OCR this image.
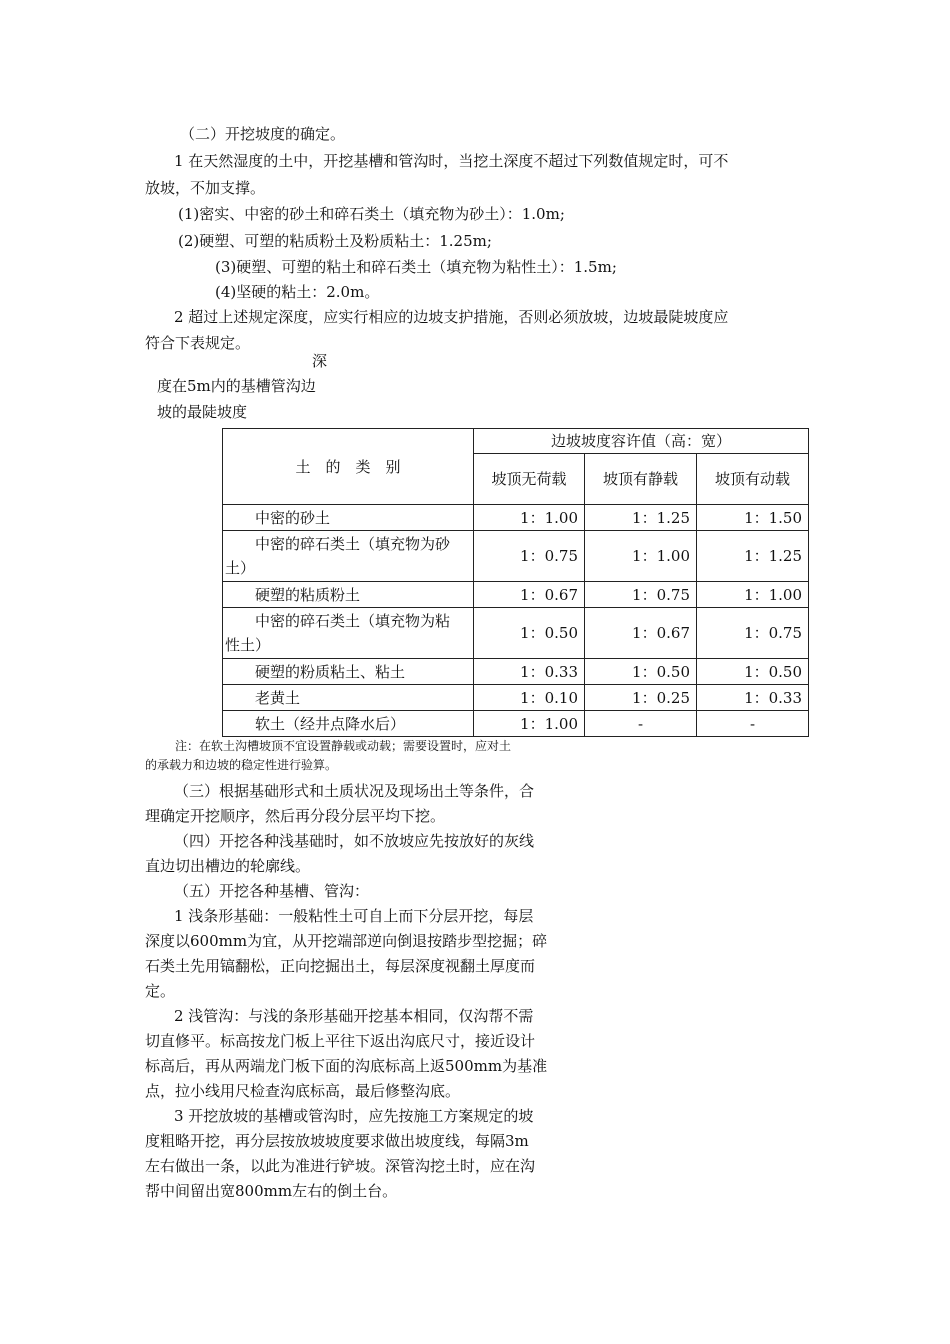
（二）开挖坡度的确定。
1 在天然湿度的土中，开挖基槽和管沟时，当挖土深度不超过下列数值规定时，可不
放坡，不加支撑。
(1)密实、中密的砂土和碎石类土（填充物为砂土）：1.0m;
(2)硬塑、可塑的粘质粉土及粉质粘土：1.25m;
(3)硬塑、可塑的粘土和碎石类土（填充物为粘性土）：1.5m;
(4)坚硬的粘土：2.0m。
2 超过上述规定深度，应实行相应的边坡支护措施，否则必须放坡，边坡最陡坡度应
符合下表规定。
深
度在5m内的基槽管沟边
坡的最陡坡度
土　的　类　别	边坡坡度容许值（高：宽）		
	坡顶无荷载	坡顶有静载	坡顶有动载
中密的砂土	1：1.00	1：1.25	1：1.50
中密的碎石类土（填充物为砂
土）	1：0.75	1：1.00	1：1.25
硬塑的粘质粉土	1：0.67	1：0.75	1：1.00
中密的碎石类土（填充物为粘
性土）	1：0.50	1：0.67	1：0.75
硬塑的粉质粘土、粘土	1：0.33	1：0.50	1：0.50
老黄土	1：0.10	1：0.25	1：0.33
软土（经井点降水后）	1：1.00	-	-
注：在软土沟槽坡顶不宜设置静载或动载；需要设置时，应对土
的承载力和边坡的稳定性进行验算。
（三）根据基础形式和土质状况及现场出土等条件，合
理确定开挖顺序，然后再分段分层平均下挖。
（四）开挖各种浅基础时，如不放坡应先按放好的灰线
直边切出槽边的轮廓线。
（五）开挖各种基槽、管沟：
1 浅条形基础：一般粘性土可自上而下分层开挖，每层
深度以600mm为宜，从开挖端部逆向倒退按踏步型挖掘；碎
石类土先用镐翻松，正向挖掘出土，每层深度视翻土厚度而
定。
2 浅管沟：与浅的条形基础开挖基本相同，仅沟帮不需
切直修平。标高按龙门板上平往下返出沟底尺寸，接近设计
标高后，再从两端龙门板下面的沟底标高上返500mm为基准
点，拉小线用尺检查沟底标高，最后修整沟底。
3 开挖放坡的基槽或管沟时，应先按施工方案规定的坡
度粗略开挖，再分层按放坡坡度要求做出坡度线，每隔3m
左右做出一条，以此为准进行铲坡。深管沟挖土时，应在沟
帮中间留出宽800mm左右的倒土台。
